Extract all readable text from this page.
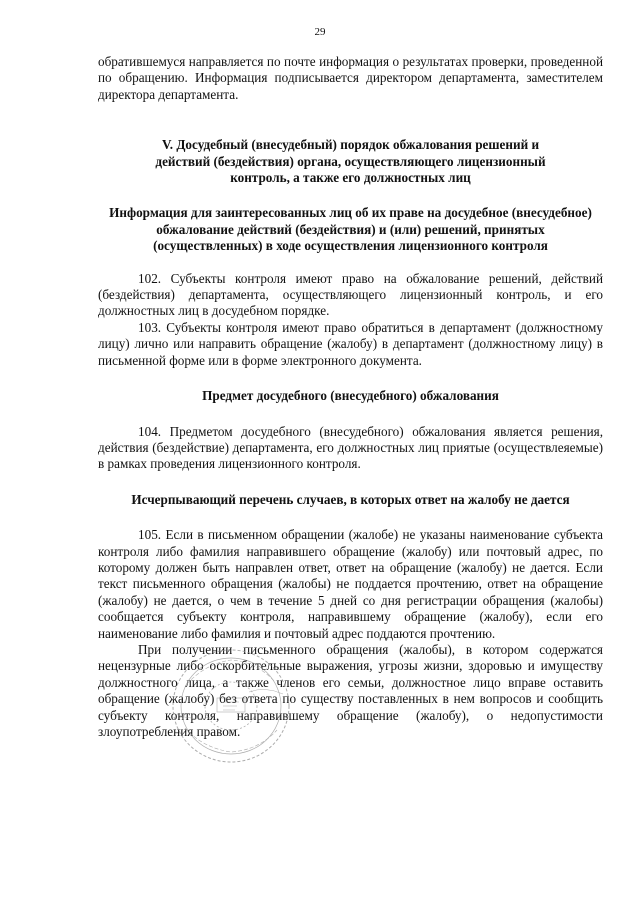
29

обратившемуся направляется по почте информация о результатах проверки, проведенной по обращению. Информация подписывается директором департамента, заместителем директора департамента.

V. Досудебный (внесудебный) порядок обжалования решений и действий (бездействия) органа, осуществляющего лицензионный контроль, а также его должностных лиц

Информация для заинтересованных лиц об их праве на досудебное (внесудебное) обжалование действий (бездействия) и (или) решений, принятых (осуществленных) в ходе осуществления лицензионного контроля

102. Субъекты контроля имеют право на обжалование решений, действий (бездействия) департамента, осуществляющего лицензионный контроль, и его должностных лиц в досудебном порядке.

103. Субъекты контроля имеют право обратиться в департамент (должностному лицу) лично или направить обращение (жалобу) в департамент (должностному лицу) в письменной форме или в форме электронного документа.

Предмет досудебного (внесудебного) обжалования

104. Предметом досудебного (внесудебного) обжалования является решения, действия (бездействие) департамента, его должностных лиц приятые (осуществлеяемые) в рамках проведения лицензионного контроля.

Исчерпывающий перечень случаев, в которых ответ на жалобу не дается

105. Если в письменном обращении (жалобе) не указаны наименование субъекта контроля либо фамилия направившего обращение (жалобу) или почтовый адрес, по которому должен быть направлен ответ, ответ на обращение (жалобу) не дается. Если текст письменного обращения (жалобы) не поддается прочтению, ответ на обращение (жалобу) не дается, о чем в течение 5 дней со дня регистрации обращения (жалобы) сообщается субъекту контроля, направившему обращение (жалобу), если его наименование либо фамилия и почтовый адрес поддаются прочтению.

При получении письменного обращения (жалобы), в котором содержатся нецензурные либо оскорбительные выражения, угрозы жизни, здоровью и имуществу должностного лица, а также членов его семьи, должностное лицо вправе оставить обращение (жалобу) без ответа по существу поставленных в нем вопросов и сообщить субъекту контроля, направившему обращение (жалобу), о недопустимости злоупотребления правом.
